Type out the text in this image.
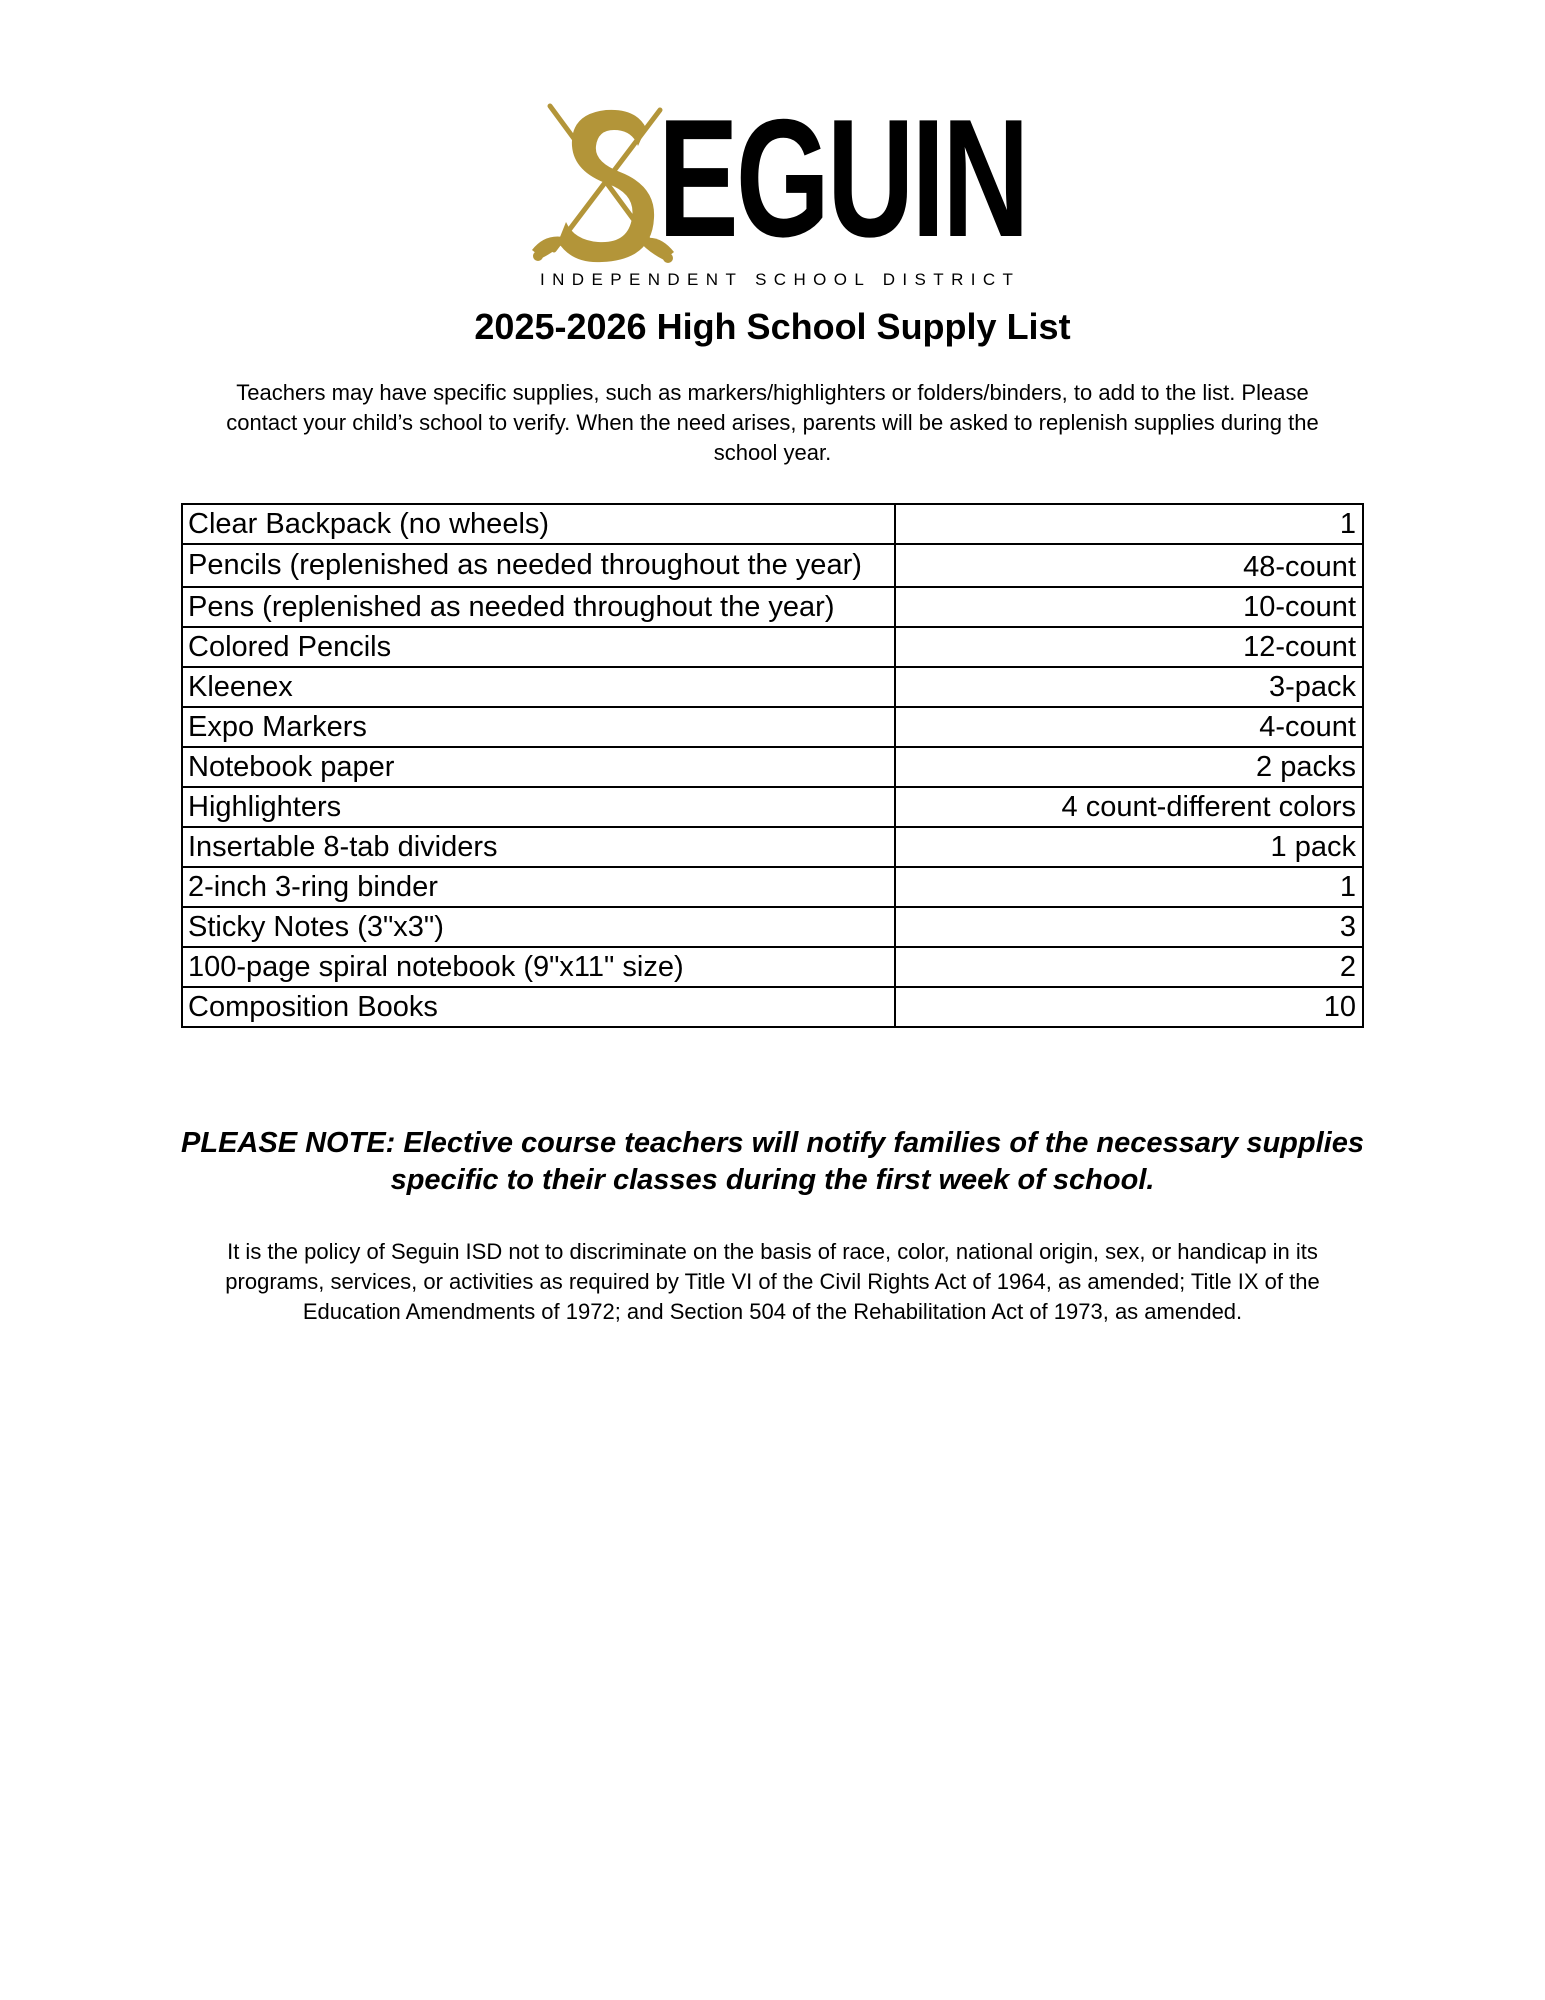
EGUIN
INDEPENDENT SCHOOL DISTRICT
2025-2026 High School Supply List
Teachers may have specific supplies, such as markers/highlighters or folders/binders, to add to the list. Please contact your child’s school to verify. When the need arises, parents will be asked to replenish supplies during the school year.
Clear Backpack (no wheels)	1
Pencils (replenished as needed throughout the year)	48-count
Pens (replenished as needed throughout the year)	10-count
Colored Pencils	12-count
Kleenex	3-pack
Expo Markers	4-count
Notebook paper	2 packs
Highlighters	4 count-different colors
Insertable 8-tab dividers	1 pack
2-inch 3-ring binder	1
Sticky Notes (3"x3")	3
100-page spiral notebook (9"x11" size)	2
Composition Books	10
PLEASE NOTE: Elective course teachers will notify families of the necessary supplies specific to their classes during the first week of school.
It is the policy of Seguin ISD not to discriminate on the basis of race, color, national origin, sex, or handicap in its programs, services, or activities as required by Title VI of the Civil Rights Act of 1964, as amended; Title IX of the Education Amendments of 1972; and Section 504 of the Rehabilitation Act of 1973, as amended.
